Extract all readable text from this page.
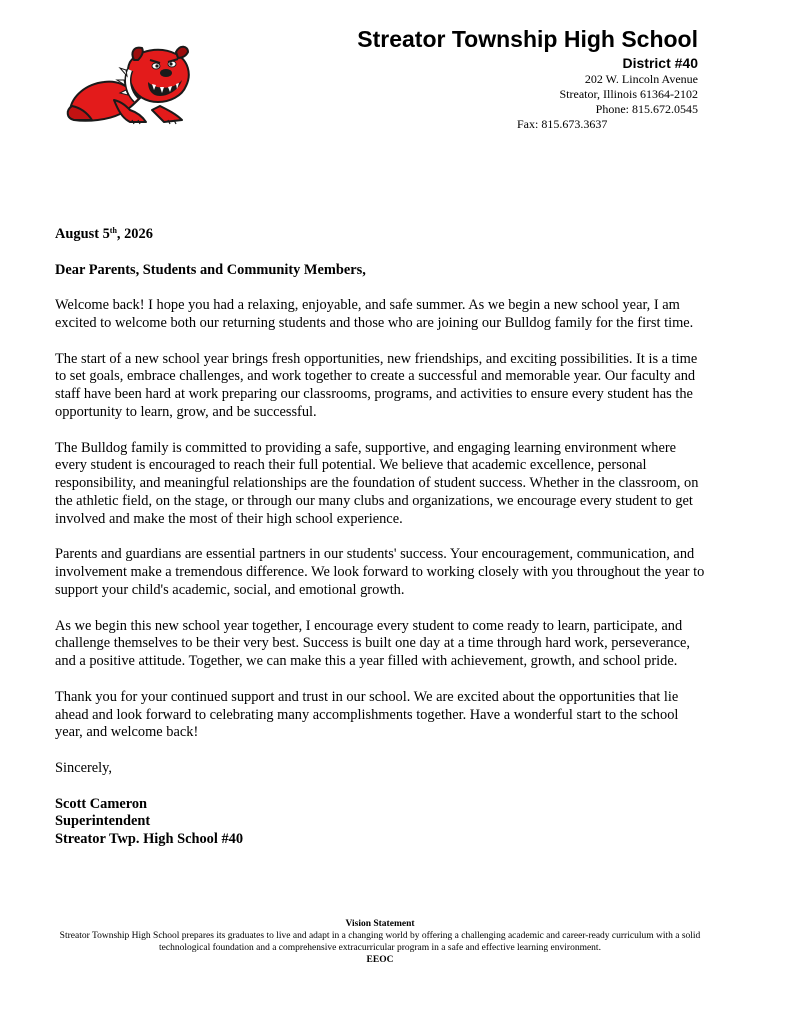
Streator Township High School
District #40
202 W. Lincoln Avenue
Streator, Illinois 61364-2102
Phone: 815.672.0545
Fax: 815.673.3637

August 5th, 2026

Dear Parents, Students and Community Members,

Welcome back! I hope you had a relaxing, enjoyable, and safe summer. As we begin a new school year, I am excited to welcome both our returning students and those who are joining our Bulldog family for the first time.

The start of a new school year brings fresh opportunities, new friendships, and exciting possibilities. It is a time to set goals, embrace challenges, and work together to create a successful and memorable year. Our faculty and staff have been hard at work preparing our classrooms, programs, and activities to ensure every student has the opportunity to learn, grow, and be successful.

The Bulldog family is committed to providing a safe, supportive, and engaging learning environment where every student is encouraged to reach their full potential. We believe that academic excellence, personal responsibility, and meaningful relationships are the foundation of student success. Whether in the classroom, on the athletic field, on the stage, or through our many clubs and organizations, we encourage every student to get involved and make the most of their high school experience.

Parents and guardians are essential partners in our students' success. Your encouragement, communication, and involvement make a tremendous difference. We look forward to working closely with you throughout the year to support your child's academic, social, and emotional growth.

As we begin this new school year together, I encourage every student to come ready to learn, participate, and challenge themselves to be their very best. Success is built one day at a time through hard work, perseverance, and a positive attitude. Together, we can make this a year filled with achievement, growth, and school pride.

Thank you for your continued support and trust in our school. We are excited about the opportunities that lie ahead and look forward to celebrating many accomplishments together. Have a wonderful start to the school year, and welcome back!

Sincerely,

Scott Cameron

Superintendent

Streator Twp. High School #40

Vision Statement
Streator Township High School prepares its graduates to live and adapt in a changing world by offering a challenging academic and career-ready curriculum with a solid technological foundation and a comprehensive extracurricular program in a safe and effective learning environment.
EEOC
